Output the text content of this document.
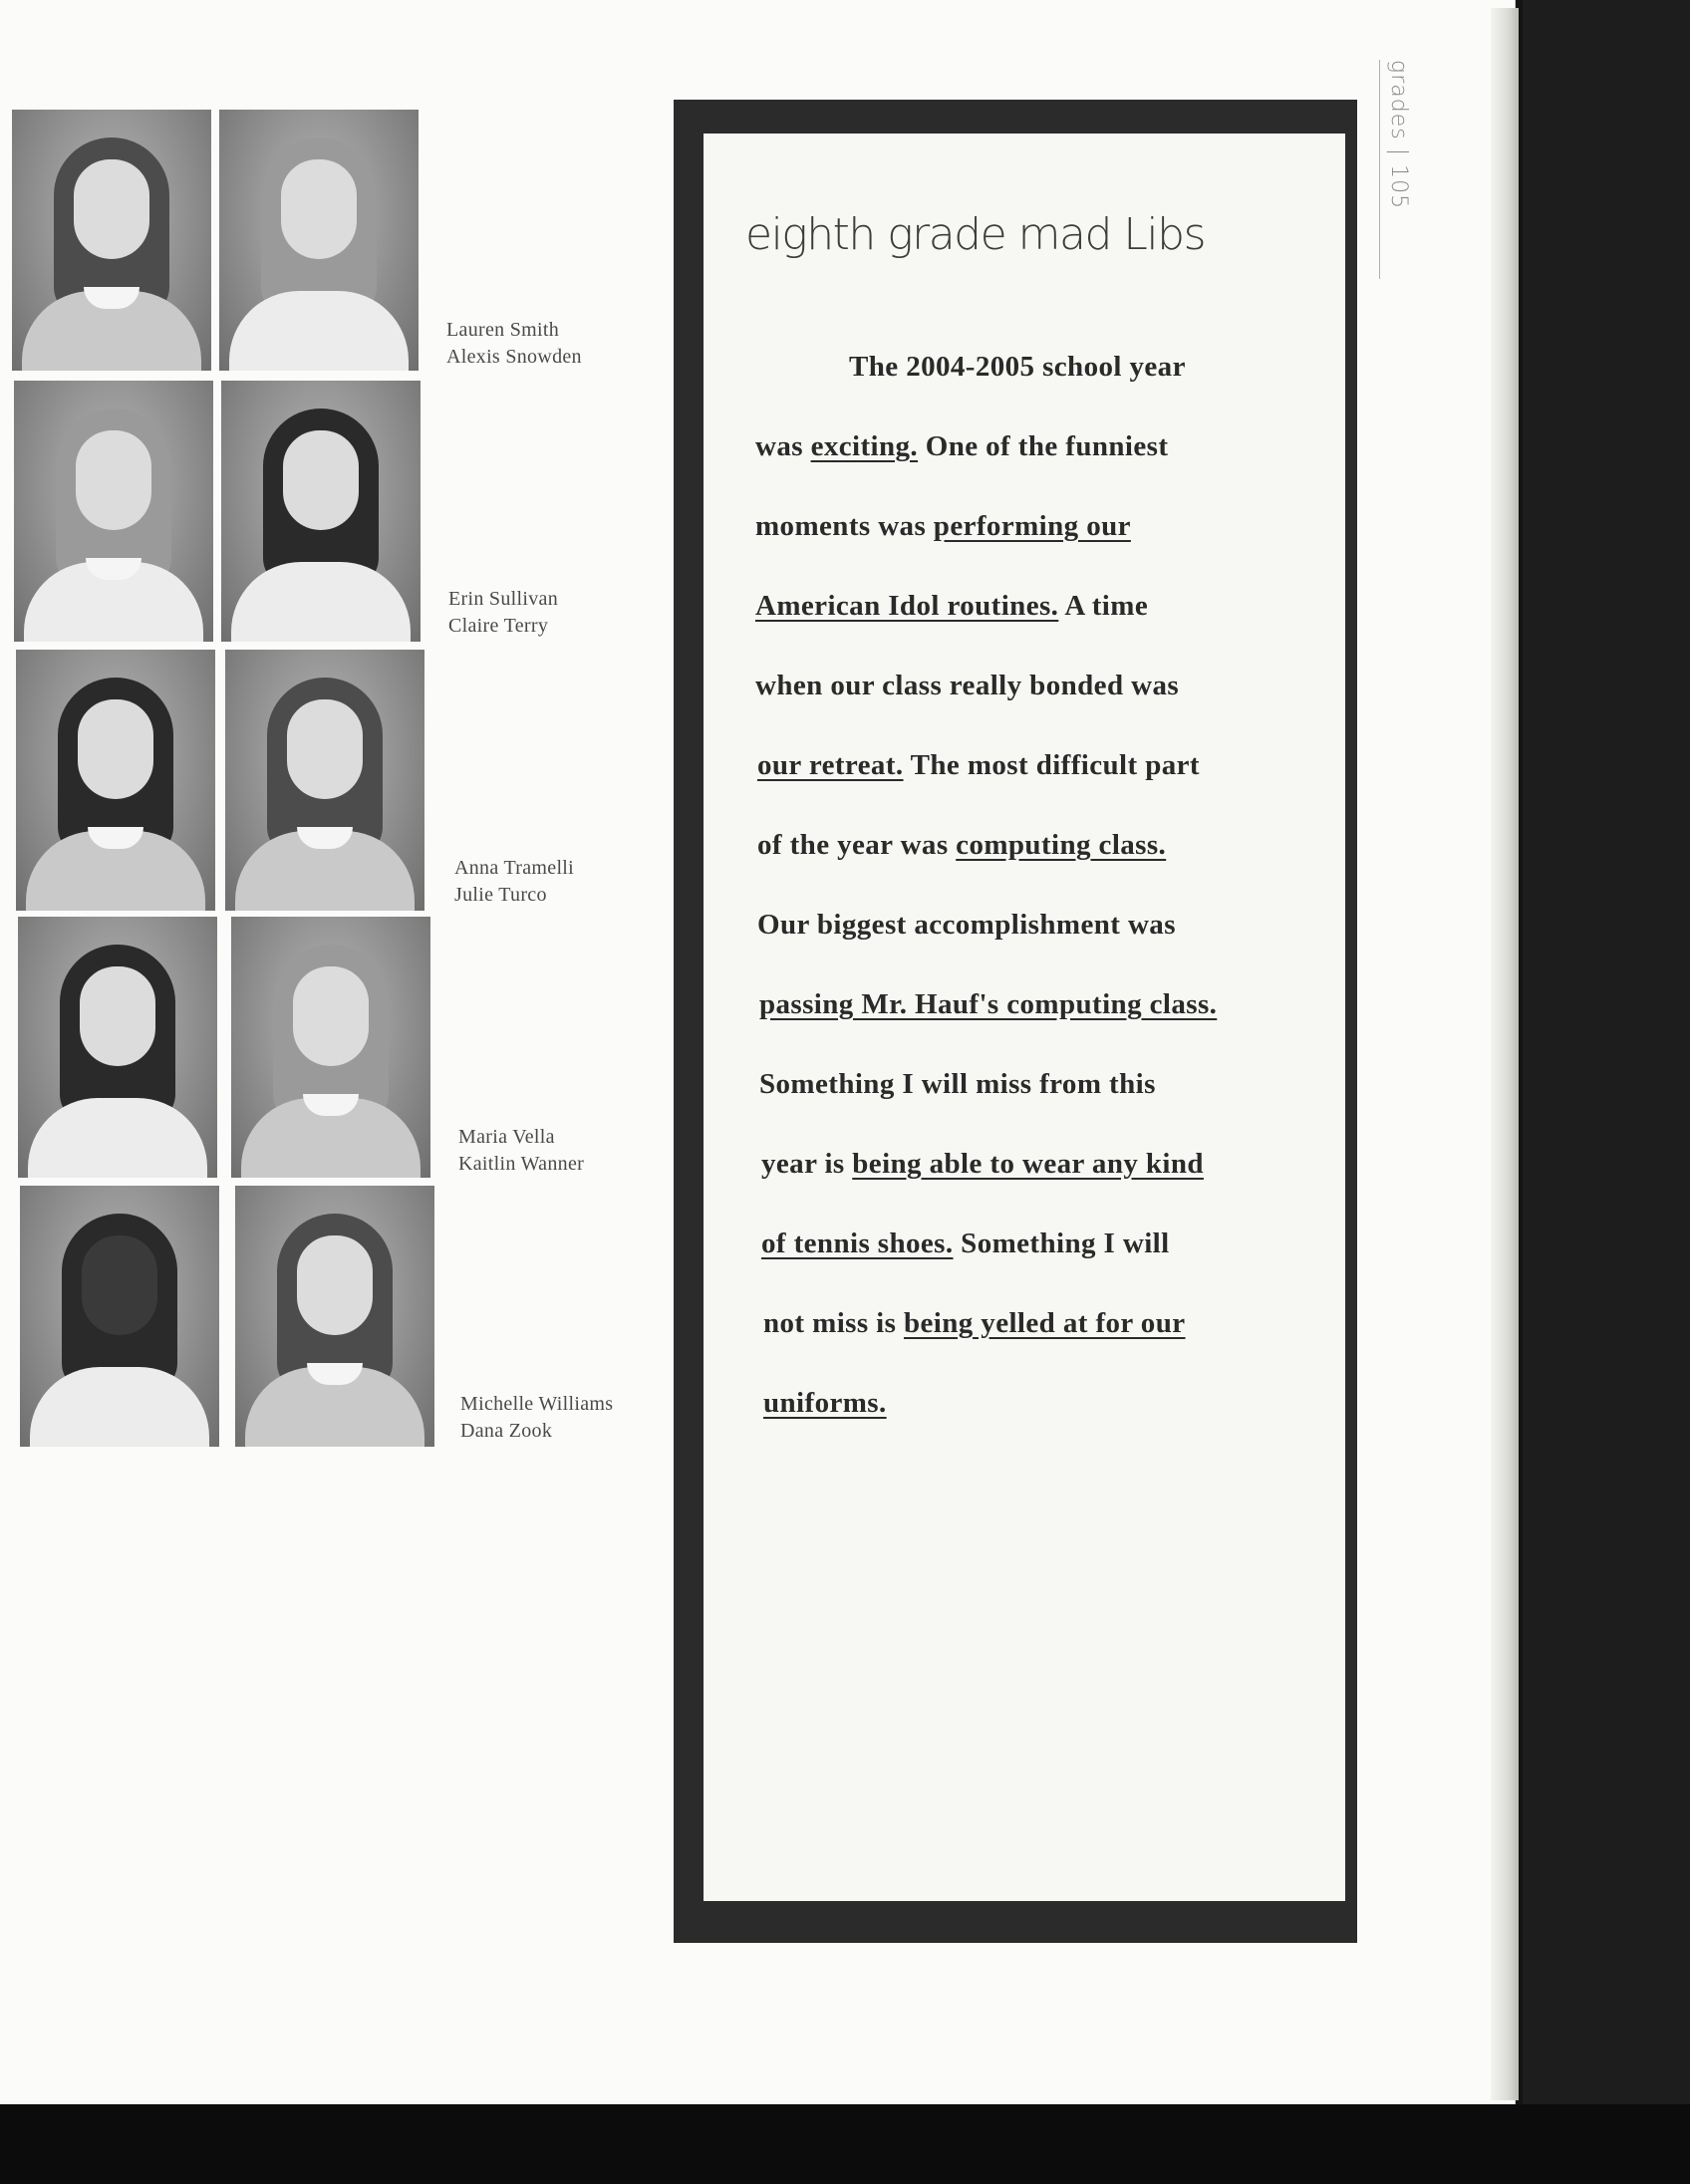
Lauren Smith
Alexis Snowden
Erin Sullivan
Claire Terry
Anna Tramelli
Julie Turco
Maria Vella
Kaitlin Wanner
Michelle Williams
Dana Zook
eighth grade mad Libs
The 2004-2005 school year
was exciting. One of the funniest
moments was performing our
American Idol routines. A time
when our class really bonded was
our retreat. The most difficult part
of the year was computing class.
Our biggest accomplishment was
passing Mr. Hauf's computing class.
Something I will miss from this
year is being able to wear any kind
of tennis shoes. Something I will
not miss is being yelled at for our
uniforms.
grades | 105
